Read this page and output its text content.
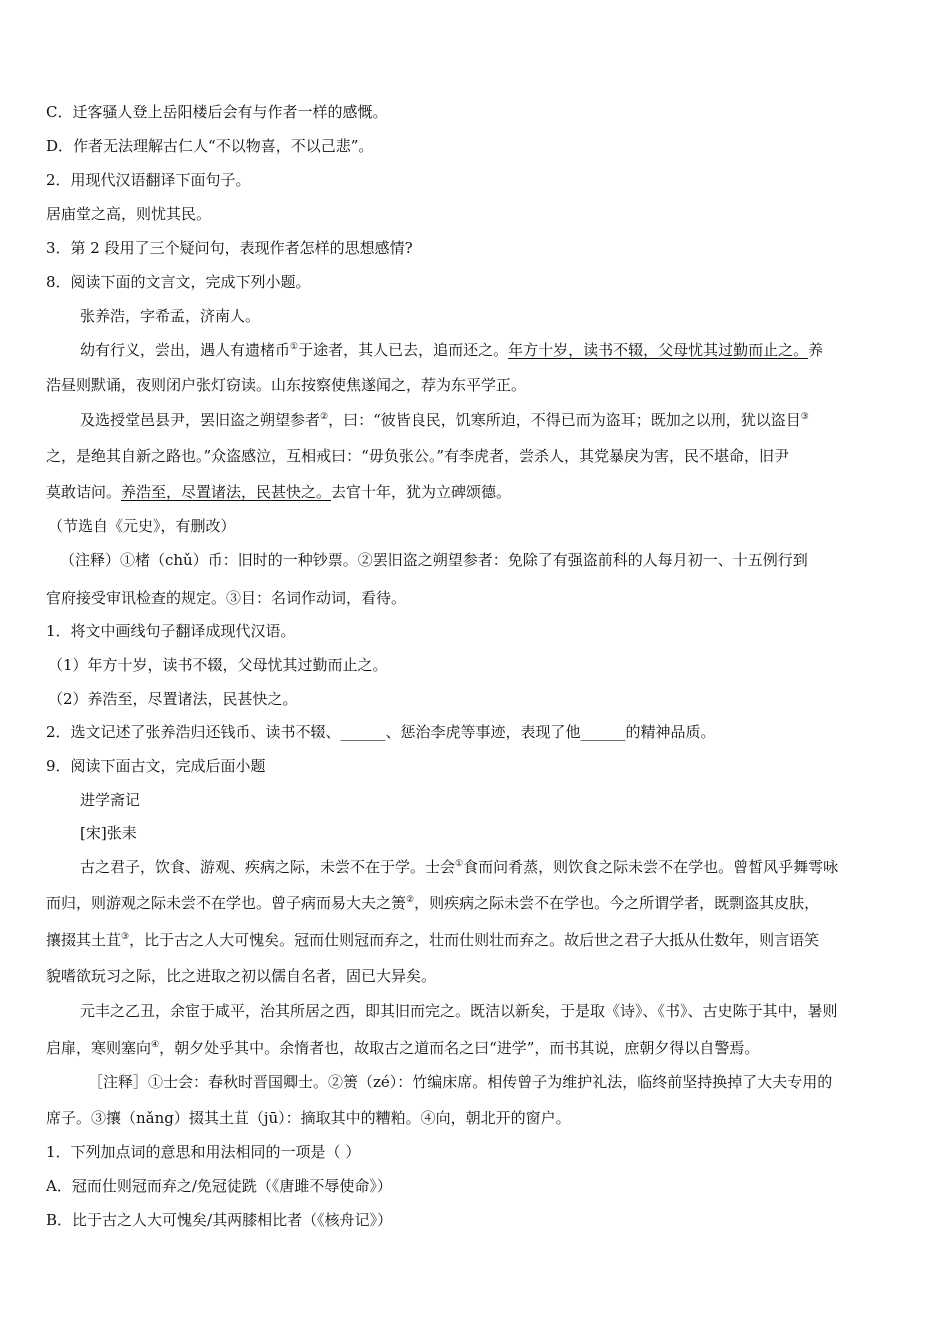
C．迁客骚人登上岳阳楼后会有与作者一样的感慨。
D．作者无法理解古仁人“不以物喜，不以己悲”。
2．用现代汉语翻译下面句子。
居庙堂之高，则忧其民。
3．第 2 段用了三个疑问句，表现作者怎样的思想感情?
8．阅读下面的文言文，完成下列小题。
张养浩，字希孟，济南人。
幼有行义，尝出，遇人有遗楮币①于途者，其人已去，追而还之。年方十岁，读书不辍，父母忧其过勤而止之。养
浩昼则默诵，夜则闭户张灯窃读。山东按察使焦遂闻之，荐为东平学正。
及选授堂邑县尹，罢旧盗之朔望参者②，曰：“彼皆良民，饥寒所迫，不得已而为盗耳；既加之以刑，犹以盗目③
之，是绝其自新之路也。”众盗感泣，互相戒曰：“毋负张公。”有李虎者，尝杀人，其党暴戾为害，民不堪命，旧尹
莫敢诘问。养浩至，尽置诸法，民甚快之。去官十年，犹为立碑颂德。
（节选自《元史》，有删改）
（注释）①楮（chǔ）币：旧时的一种钞票。②罢旧盗之朔望参者：免除了有强盗前科的人每月初一、十五例行到
官府接受审讯检查的规定。③目：名词作动词，看待。
1．将文中画线句子翻译成现代汉语。
（1）年方十岁，读书不辍，父母忧其过勤而止之。
（2）养浩至，尽置诸法，民甚快之。
2．选文记述了张养浩归还钱币、读书不辍、______、惩治李虎等事迹，表现了他______的精神品质。
9．阅读下面古文，完成后面小题
进学斋记
[宋]张耒
古之君子，饮食、游观、疾病之际，未尝不在于学。士会①食而问肴蒸，则饮食之际未尝不在学也。曾皙风乎舞雩咏
而归，则游观之际未尝不在学也。曾子病而易大夫之箦②，则疾病之际未尝不在学也。今之所谓学者，既剽盗其皮肤，
攘掇其土苴③，比于古之人大可愧矣。冠而仕则冠而弃之，壮而仕则壮而弃之。故后世之君子大抵从仕数年，则言语笑
貌嗜欲玩习之际，比之进取之初以儒自名者，固已大异矣。
元丰之乙丑，余宦于咸平，治其所居之西，即其旧而完之。既洁以新矣，于是取《诗》、《书》、古史陈于其中，暑则
启扉，寒则塞向④，朝夕处乎其中。余惰者也，故取古之道而名之曰“进学”，而书其说，庶朝夕得以自警焉。
［注释］①士会：春秋时晋国卿士。②箦（zé）：竹编床席。相传曾子为维护礼法，临终前坚持换掉了大夫专用的
席子。③攘（nǎng）掇其土苴（jū）：摘取其中的糟粕。④向，朝北开的窗户。
1．下列加点词的意思和用法相同的一项是（ ）
A．冠而仕则冠而弃之/免冠徒跣（《唐雎不辱使命》）
B．比于古之人大可愧矣/其两膝相比者（《核舟记》）
